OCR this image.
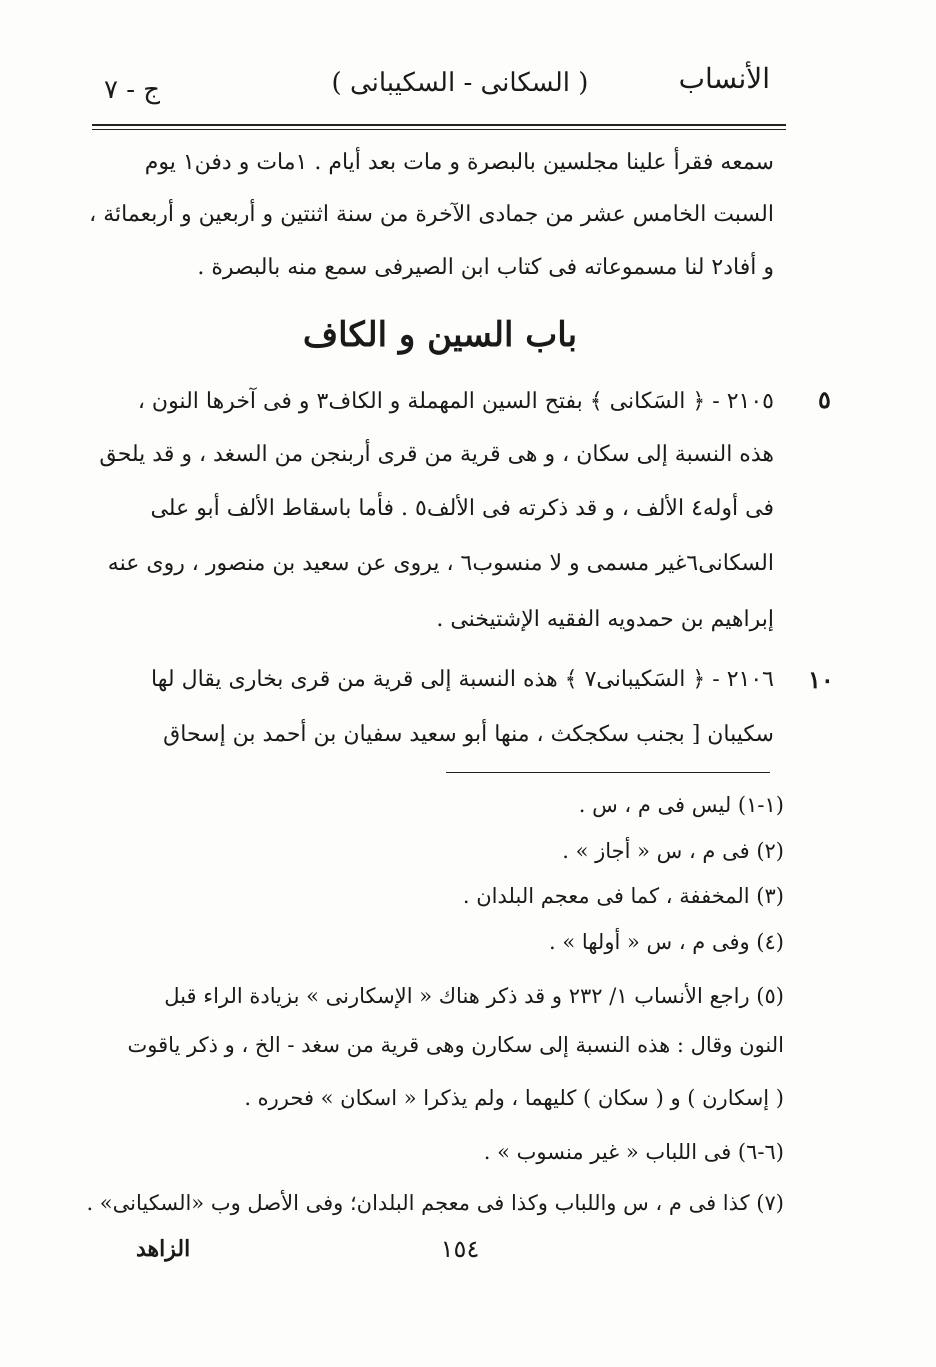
ج - ٧	( السكانى - السكيبانى )	الأنساب
سمعه فقرأ علينا مجلسين بالبصرة و مات بعد أيام . ١مات و دفن١ يوم
السبت الخامس عشر من جمادى الآخرة من سنة اثنتين و أربعين و أربعمائة ،
و أفاد٢ لنا مسموعاته فى كتاب ابن الصيرفى سمع منه بالبصرة .
باب السين و الكاف
٥
٢١٠٥ - ﴿ السَكانى ﴾ بفتح السين المهملة و الكاف٣ و فى آخرها النون ،
هذه النسبة إلى سكان ، و هى قرية من قرى أربنجن من السغد ، و قد يلحق
فى أوله٤ الألف ، و قد ذكرته فى الألف٥ . فأما باسقاط الألف أبو على
السكانى٦غير مسمى و لا منسوب٦ ، يروى عن سعيد بن منصور ، روى عنه
إبراهيم بن حمدويه الفقيه الإشتيخنى .
١٠
٢١٠٦ - ﴿ السَكيبانى٧ ﴾ هذه النسبة إلى قرية من قرى بخارى يقال لها
سكيبان [ بجنب سكجكث ، منها أبو سعيد سفيان بن أحمد بن إسحاق
(١-١) ليس فى م ، س .
(٢) فى م ، س « أجاز » .
(٣) المخففة ، كما فى معجم البلدان .
(٤) وفى م ، س « أولها » .
(٥) راجع الأنساب ١/ ٢٣٢ و قد ذكر هناك « الإسكارنى » بزيادة الراء قبل
النون وقال : هذه النسبة إلى سكارن وهى قرية من سغد - الخ ، و ذكر ياقوت
( إسكارن ) و ( سكان ) كليهما ، ولم يذكرا « اسكان » فحرره .
(٦-٦) فى اللباب « غير منسوب » .
(٧) كذا فى م ، س واللباب وكذا فى معجم البلدان؛ وفى الأصل وب «السكيانى» .
١٥٤
الزاهد
